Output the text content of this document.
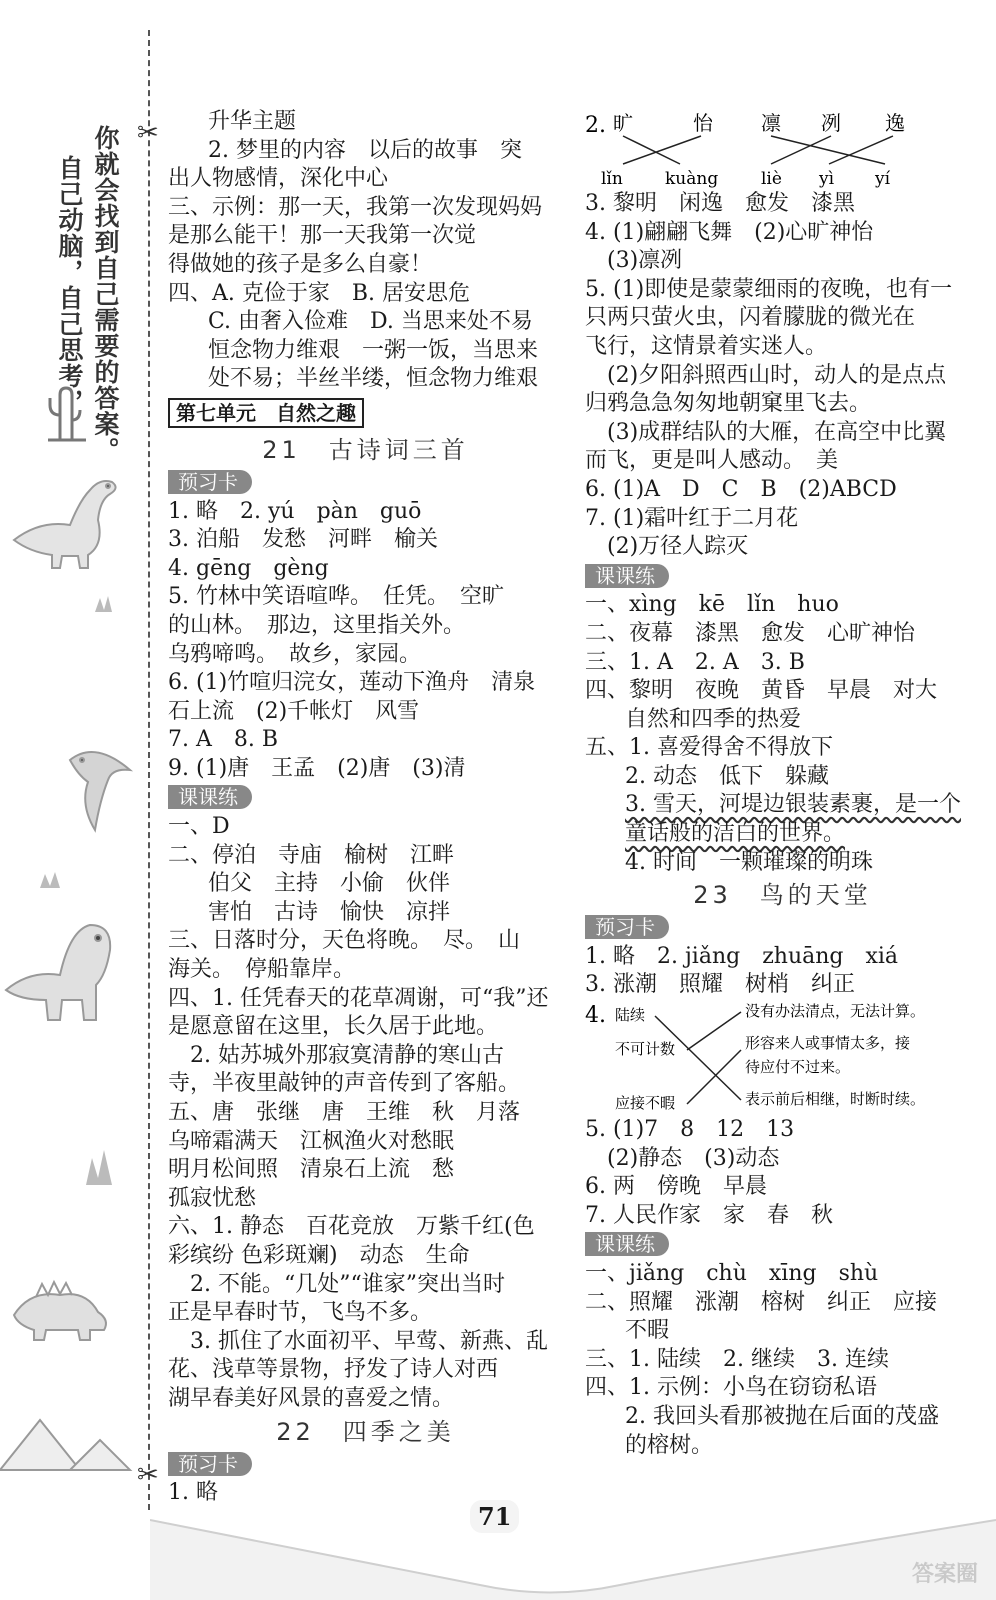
✂
✂
你就会找到自己需要的答案。
自己动脑，自己思考，
升华主题
2. 梦里的内容　以后的故事　突
出人物感情，深化中心
三、示例：那一天，我第一次发现妈妈
是那么能干！那一天我第一次觉
得做她的孩子是多么自豪！
四、A. 克俭于家　B. 居安思危
C. 由奢入俭难　D. 当思来处不易
恒念物力维艰　一粥一饭，当思来
处不易；半丝半缕，恒念物力维艰
第七单元　自然之趣
21　古诗词三首
预习卡
1. 略　2. yú　pàn　guō
3. 泊船　发愁　河畔　榆关
4. gēng　gèng
5. 竹林中笑语喧哗。　任凭。　空旷
的山林。　那边，这里指关外。
乌鸦啼鸣。　故乡，家园。
6. (1)竹喧归浣女，莲动下渔舟　清泉
石上流　(2)千帐灯　风雪
7. A　8. B
9. (1)唐　王孟　(2)唐　(3)清
课课练
一、D
二、停泊　寺庙　榆树　江畔
伯父　主持　小偷　伙伴
害怕　古诗　愉快　凉拌
三、日落时分，天色将晚。　尽。　山
海关。　停船靠岸。
四、1. 任凭春天的花草凋谢，可“我”还
是愿意留在这里，长久居于此地。
2. 姑苏城外那寂寞清静的寒山古
寺，半夜里敲钟的声音传到了客船。
五、唐　张继　唐　王维　秋　月落
乌啼霜满天　江枫渔火对愁眠
明月松间照　清泉石上流　愁
孤寂忧愁
六、1. 静态　百花竞放　万紫千红(色
彩缤纷 色彩斑斓)　动态　生命
2. 不能。“几处”“谁家”突出当时
正是早春时节，飞鸟不多。
3. 抓住了水面初平、早莺、新燕、乱
花、浅草等景物，抒发了诗人对西
湖早春美好风景的喜爱之情。
22　四季之美
预习卡
1. 略
2. 旷	怡 凛 冽 逸
lǐn kuàng	liè yì yí
3. 黎明　闲逸　愈发　漆黑
4. (1)翩翩飞舞　(2)心旷神怡
(3)凛冽
5. (1)即使是蒙蒙细雨的夜晚，也有一
只两只萤火虫，闪着朦胧的微光在
飞行，这情景着实迷人。
(2)夕阳斜照西山时，动人的是点点
归鸦急急匆匆地朝窠里飞去。
(3)成群结队的大雁，在高空中比翼
而飞，更是叫人感动。　美
6. (1)A　D　C　B　(2)ABCD
7. (1)霜叶红于二月花
(2)万径人踪灭
课课练
一、xìng　kē　lǐn　huo
二、夜幕　漆黑　愈发　心旷神怡
三、1. A　2. A　3. B
四、黎明　夜晚　黄昏　早晨　对大
自然和四季的热爱
五、1. 喜爱得舍不得放下
2. 动态　低下　躲藏
3. 雪天，河堤边银装素裹，是一个
童话般的洁白的世界。
4. 时间　一颗璀璨的明珠
23　鸟的天堂
预习卡
1. 略　2. jiǎng　zhuāng　xiá
3. 涨潮　照耀　树梢　纠正
4. 陆续
不可计数
应接不暇
没有办法清点，无法计算。
形容来人或事情太多，接
待应付不过来。
表示前后相继，时断时续。
5. (1)7　8　12　13
(2)静态　(3)动态
6. 两　傍晚　早晨
7. 人民作家　家　春　秋
课课练
一、jiǎng　chù　xīng　shù
二、照耀　涨潮　榕树　纠正　应接
不暇
三、1. 陆续　2. 继续　3. 连续
四、1. 示例：小鸟在窃窃私语
2. 我回头看那被抛在后面的茂盛
的榕树。
71
答案圈
